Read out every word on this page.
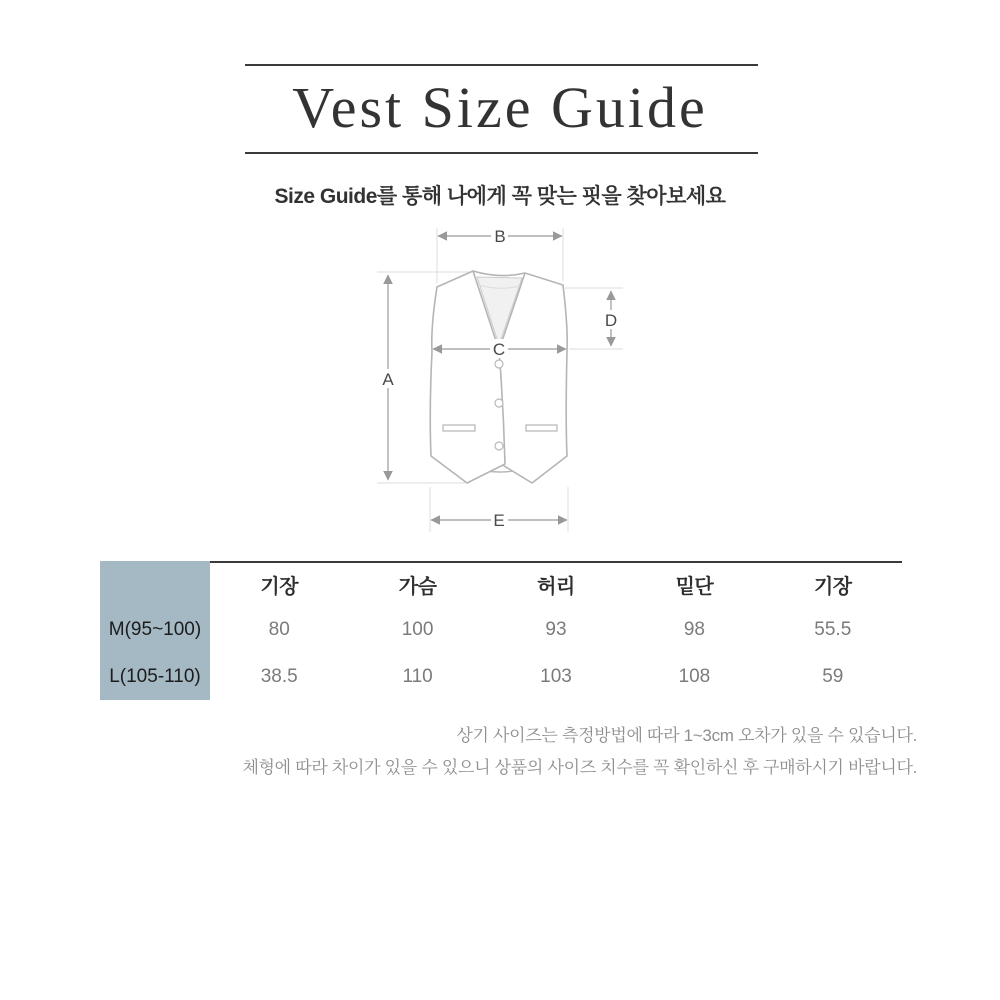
Vest Size Guide
Size Guide를 통해 나에게 꼭 맞는 핏을 찾아보세요
B
A
D
C
E
기장	가슴	허리	밑단	기장
M(95~100)	80	100	93	98	55.5
L(105-110)	38.5	110	103	108	59
상기 사이즈는 측정방법에 따라 1~3cm 오차가 있을 수 있습니다.
체형에 따라 차이가 있을 수 있으니 상품의 사이즈 치수를 꼭 확인하신 후 구매하시기 바랍니다.
